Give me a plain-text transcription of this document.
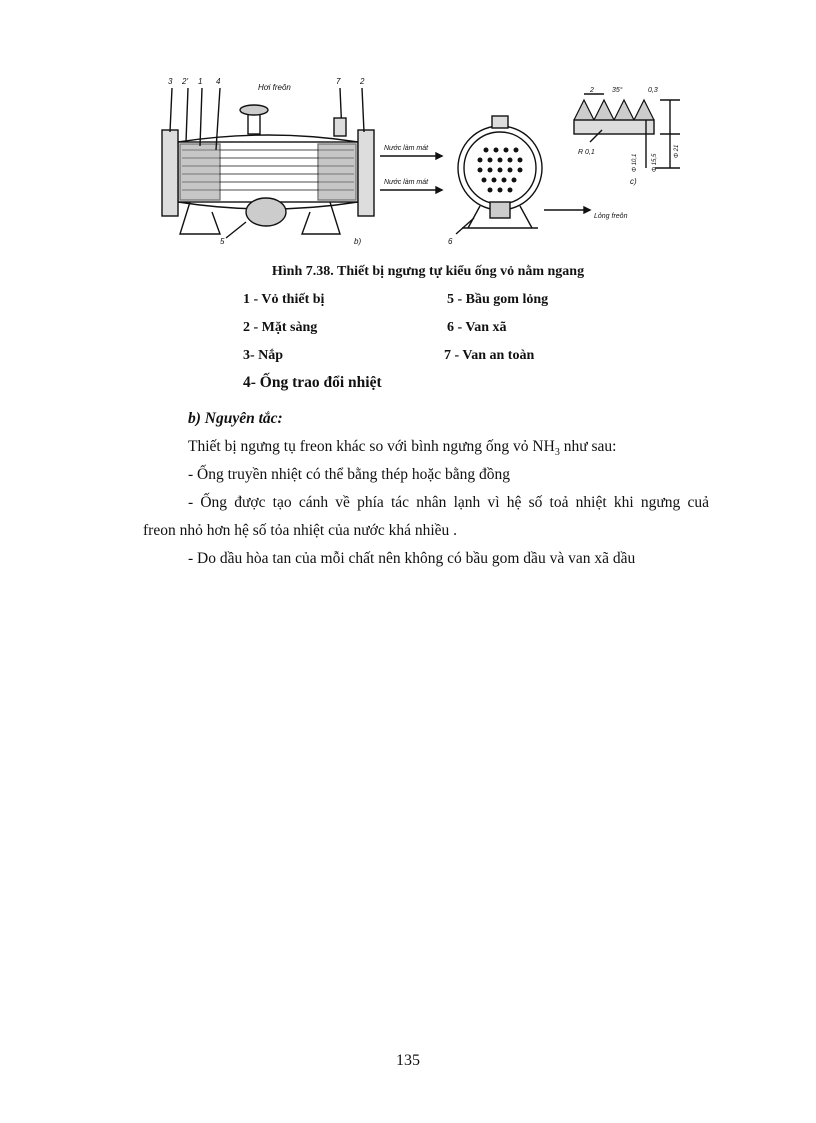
3 2' 1 4
Hơi freôn
7 2
Nước làm mát
Nước làm mát
5	b)	6
Lỏng freôn
2	35°	0,3
R 0,1
Φ 10,1 Φ 15,5
Φ 21
c)
Hình 7.38. Thiết bị ngưng tự kiểu ống vỏ nằm ngang
1 - Vỏ thiết bị	5 - Bầu gom lỏng
2 - Mặt sàng	6 - Van xã
3- Nắp	7 - Van an toàn
4- Ống trao đổi nhiệt
b) Nguyên tắc:
Thiết bị ngưng tụ freon khác so với bình ngưng ống vỏ $NH_3$ như sau:
- Ống truyền nhiệt có thể bằng thép hoặc bằng đồng
- Ống được tạo cánh về phía tác nhân lạnh vì hệ số toả nhiệt khi ngưng cuả
freon nhỏ hơn hệ số tỏa nhiệt của nước khá nhiều .
- Do dầu hòa tan của mỗi chất nên không có bầu gom dầu và van xã dầu
135
